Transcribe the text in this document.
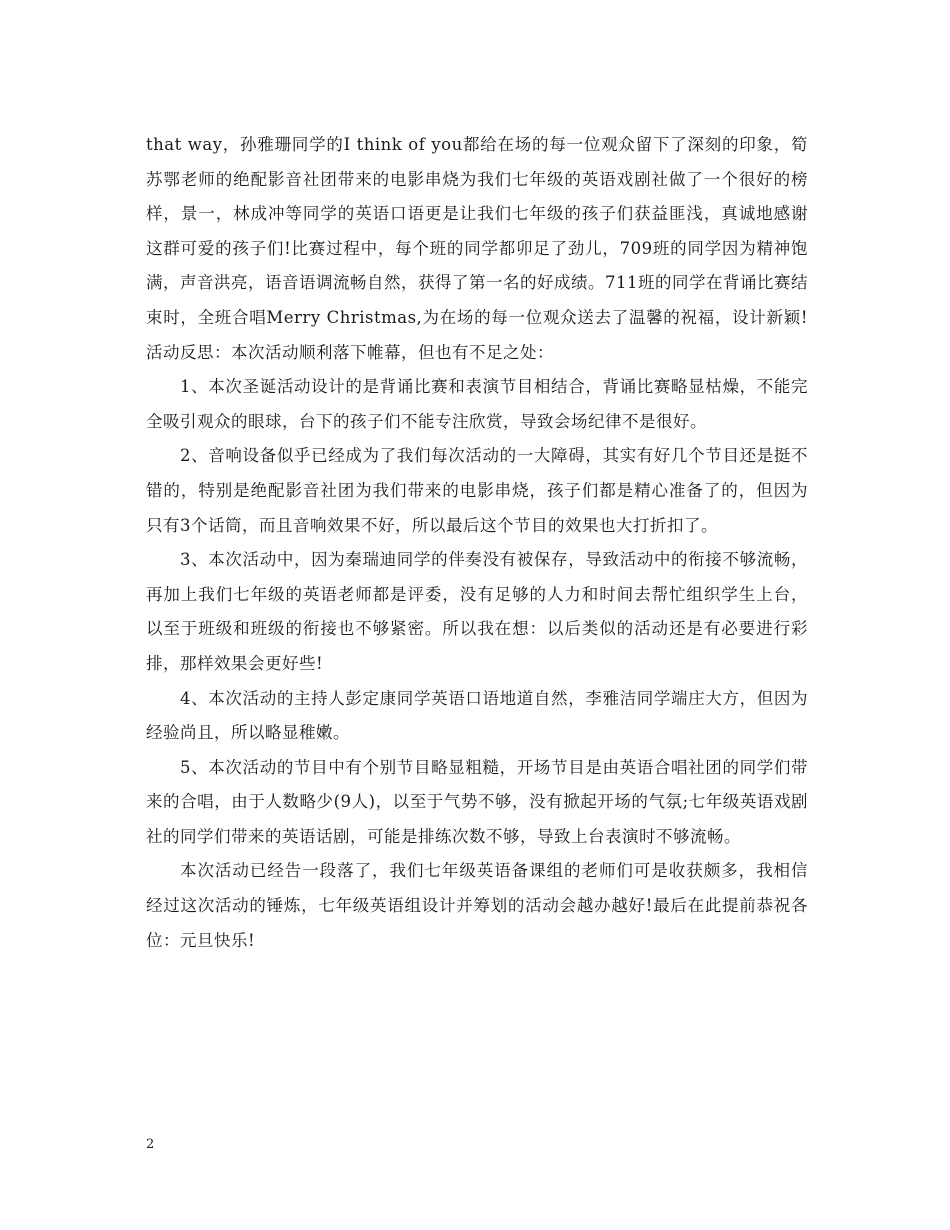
that way，孙雅珊同学的I think of you都给在场的每一位观众留下了深刻的印象，筍苏鄂老师的绝配影音社团带来的电影串烧为我们七年级的英语戏剧社做了一个很好的榜样，景一，林成冲等同学的英语口语更是让我们七年级的孩子们获益匪浅，真诚地感谢这群可爱的孩子们!比赛过程中，每个班的同学都卯足了劲儿，709班的同学因为精神饱满，声音洪亮，语音语调流畅自然，获得了第一名的好成绩。711班的同学在背诵比赛结束时，全班合唱Merry Christmas,为在场的每一位观众送去了温馨的祝福，设计新颖!活动反思：本次活动顺利落下帷幕，但也有不足之处：

1、本次圣诞活动设计的是背诵比赛和表演节目相结合，背诵比赛略显枯燥，不能完全吸引观众的眼球，台下的孩子们不能专注欣赏，导致会场纪律不是很好。

2、音响设备似乎已经成为了我们每次活动的一大障碍，其实有好几个节目还是挺不错的，特别是绝配影音社团为我们带来的电影串烧，孩子们都是精心准备了的，但因为只有3个话筒，而且音响效果不好，所以最后这个节目的效果也大打折扣了。

3、本次活动中，因为秦瑞迪同学的伴奏没有被保存，导致活动中的衔接不够流畅，再加上我们七年级的英语老师都是评委，没有足够的人力和时间去帮忙组织学生上台，以至于班级和班级的衔接也不够紧密。所以我在想：以后类似的活动还是有必要进行彩排，那样效果会更好些!

4、本次活动的主持人彭定康同学英语口语地道自然，李雅洁同学端庄大方，但因为经验尚且，所以略显稚嫩。

5、本次活动的节目中有个别节目略显粗糙，开场节目是由英语合唱社团的同学们带来的合唱，由于人数略少(9人)，以至于气势不够，没有掀起开场的气氛;七年级英语戏剧社的同学们带来的英语话剧，可能是排练次数不够，导致上台表演时不够流畅。

本次活动已经告一段落了，我们七年级英语备课组的老师们可是收获颇多，我相信经过这次活动的锤炼，七年级英语组设计并筹划的活动会越办越好!最后在此提前恭祝各位：元旦快乐!

2
